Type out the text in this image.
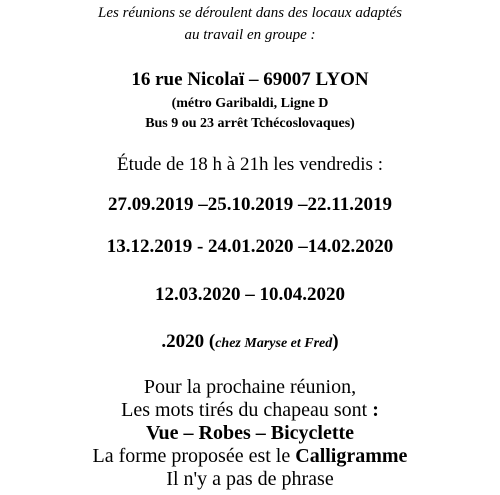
Les réunions se déroulent dans des locaux adaptés
au travail en groupe :
16 rue Nicolaï – 69007 LYON
(métro Garibaldi, Ligne D
Bus 9 ou 23 arrêt Tchécoslovaques)
Étude de 18 h à 21h les vendredis :
27.09.2019 –25.10.2019 –22.11.2019
13.12.2019 - 24.01.2020 –14.02.2020
12.03.2020 – 10.04.2020
.2020 (chez Maryse et Fred)
Pour la prochaine réunion,
Les mots tirés du chapeau sont :
Vue – Robes – Bicyclette
La forme proposée est le Calligramme
Il n'y a pas de phrase
